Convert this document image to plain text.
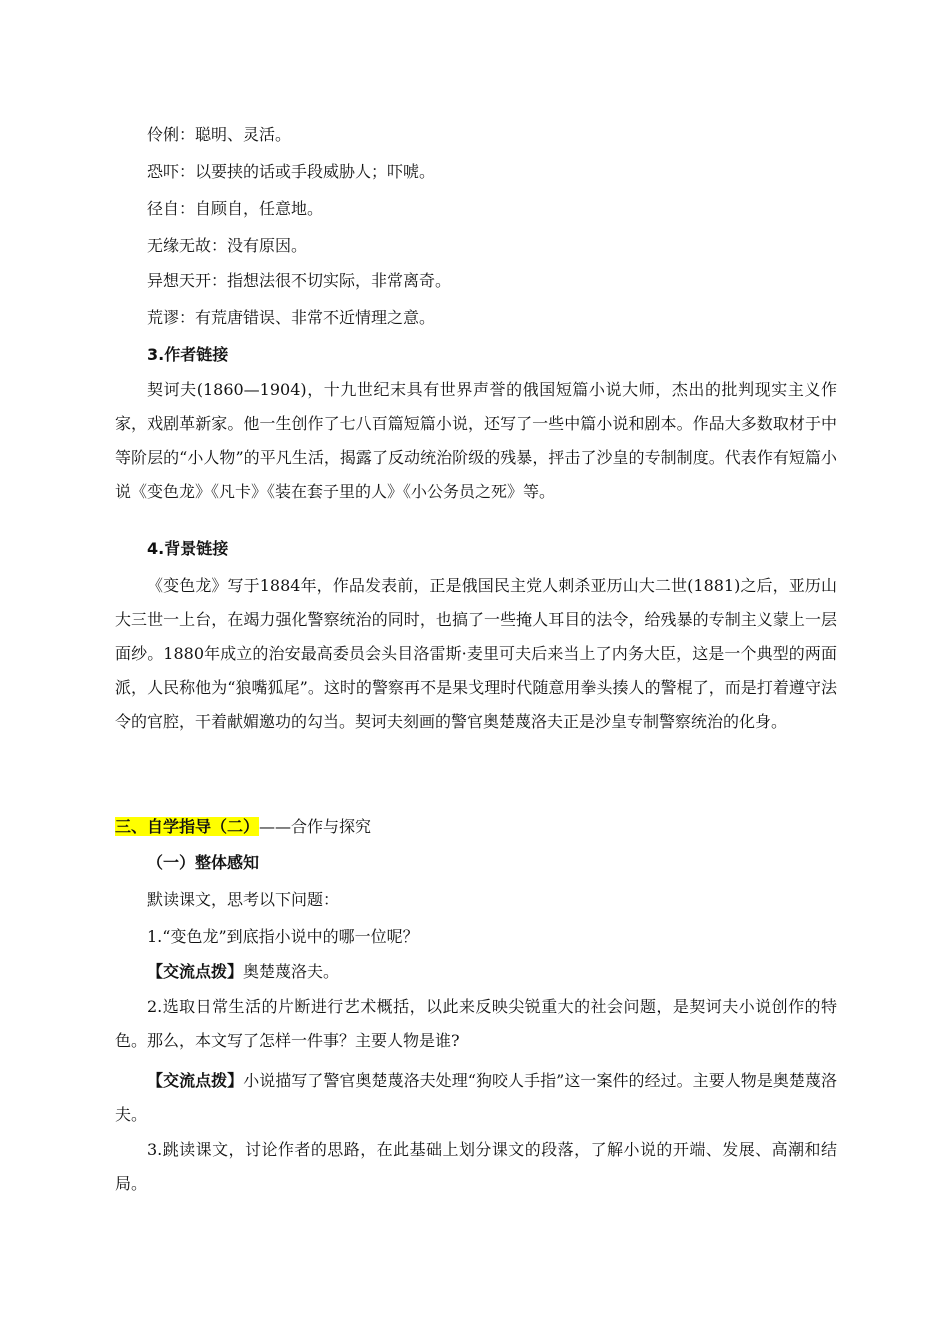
伶俐：聪明、灵活。
恐吓：以要挟的话或手段威胁人；吓唬。
径自：自顾自，任意地。
无缘无故：没有原因。
异想天开：指想法很不切实际，非常离奇。
荒谬：有荒唐错误、非常不近情理之意。
3.作者链接
契诃夫(1860—1904)，十九世纪末具有世界声誉的俄国短篇小说大师，杰出的批判现实主义作家，戏剧革新家。他一生创作了七八百篇短篇小说，还写了一些中篇小说和剧本。作品大多数取材于中等阶层的“小人物”的平凡生活，揭露了反动统治阶级的残暴，抨击了沙皇的专制制度。代表作有短篇小说《变色龙》《凡卡》《装在套子里的人》《小公务员之死》等。
4.背景链接
《变色龙》写于1884年，作品发表前，正是俄国民主党人刺杀亚历山大二世(1881)之后，亚历山大三世一上台，在竭力强化警察统治的同时，也搞了一些掩人耳目的法令，给残暴的专制主义蒙上一层面纱。1880年成立的治安最高委员会头目洛雷斯·麦里可夫后来当上了内务大臣，这是一个典型的两面派，人民称他为“狼嘴狐尾”。这时的警察再不是果戈理时代随意用拳头揍人的警棍了，而是打着遵守法令的官腔，干着献媚邀功的勾当。契诃夫刻画的警官奥楚蔑洛夫正是沙皇专制警察统治的化身。
三、自学指导（二）——合作与探究
（一）整体感知
默读课文，思考以下问题：
1.“变色龙”到底指小说中的哪一位呢？
【交流点拨】奥楚蔑洛夫。
2.选取日常生活的片断进行艺术概括，以此来反映尖锐重大的社会问题，是契诃夫小说创作的特色。那么，本文写了怎样一件事？主要人物是谁?
【交流点拨】小说描写了警官奥楚蔑洛夫处理“狗咬人手指”这一案件的经过。主要人物是奥楚蔑洛夫。
3.跳读课文，讨论作者的思路，在此基础上划分课文的段落，了解小说的开端、发展、高潮和结局。
